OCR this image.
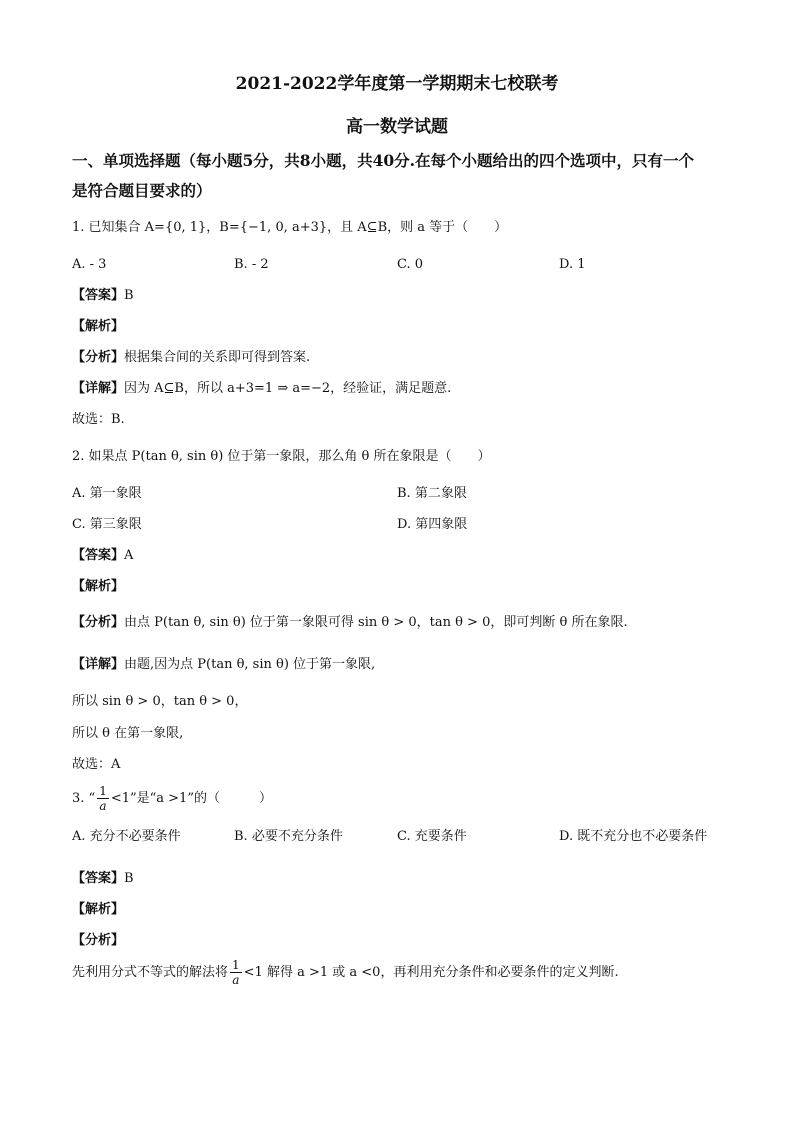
2021-2022学年度第一学期期末七校联考
高一数学试题
一、单项选择题（每小题5分，共8小题，共40分.在每个小题给出的四个选项中，只有一个
是符合题目要求的）
1. 已知集合 A={0, 1}，B={−1, 0, a+3}，且 A⊆B，则 a 等于（　　）
A. - 3	B. - 2	C. 0	D. 1
【答案】B
【解析】
【分析】根据集合间的关系即可得到答案.
【详解】因为 A⊆B，所以 a+3=1 ⇒ a=−2，经验证，满足题意.
故选：B.
2. 如果点 P(tan θ, sin θ) 位于第一象限，那么角 θ 所在象限是（　　）
A. 第一象限	B. 第二象限
C. 第三象限	D. 第四象限
【答案】A
【解析】
【分析】由点 P(tan θ, sin θ) 位于第一象限可得 sin θ > 0，tan θ > 0，即可判断 θ 所在象限.
【详解】由题,因为点 P(tan θ, sin θ) 位于第一象限,
所以 sin θ > 0，tan θ > 0，
所以 θ 在第一象限,
故选：A
3. “ $\frac{1}{a} <1$”是“a >1”的（　　　）
A. 充分不必要条件	B. 必要不充分条件	C. 充要条件	D. 既不充分也不必要条件
【答案】B
【解析】
【分析】
先利用分式不等式的解法将 $\frac{1}{a} <1$ 解得 a >1 或 a <0，再利用充分条件和必要条件的定义判断.
